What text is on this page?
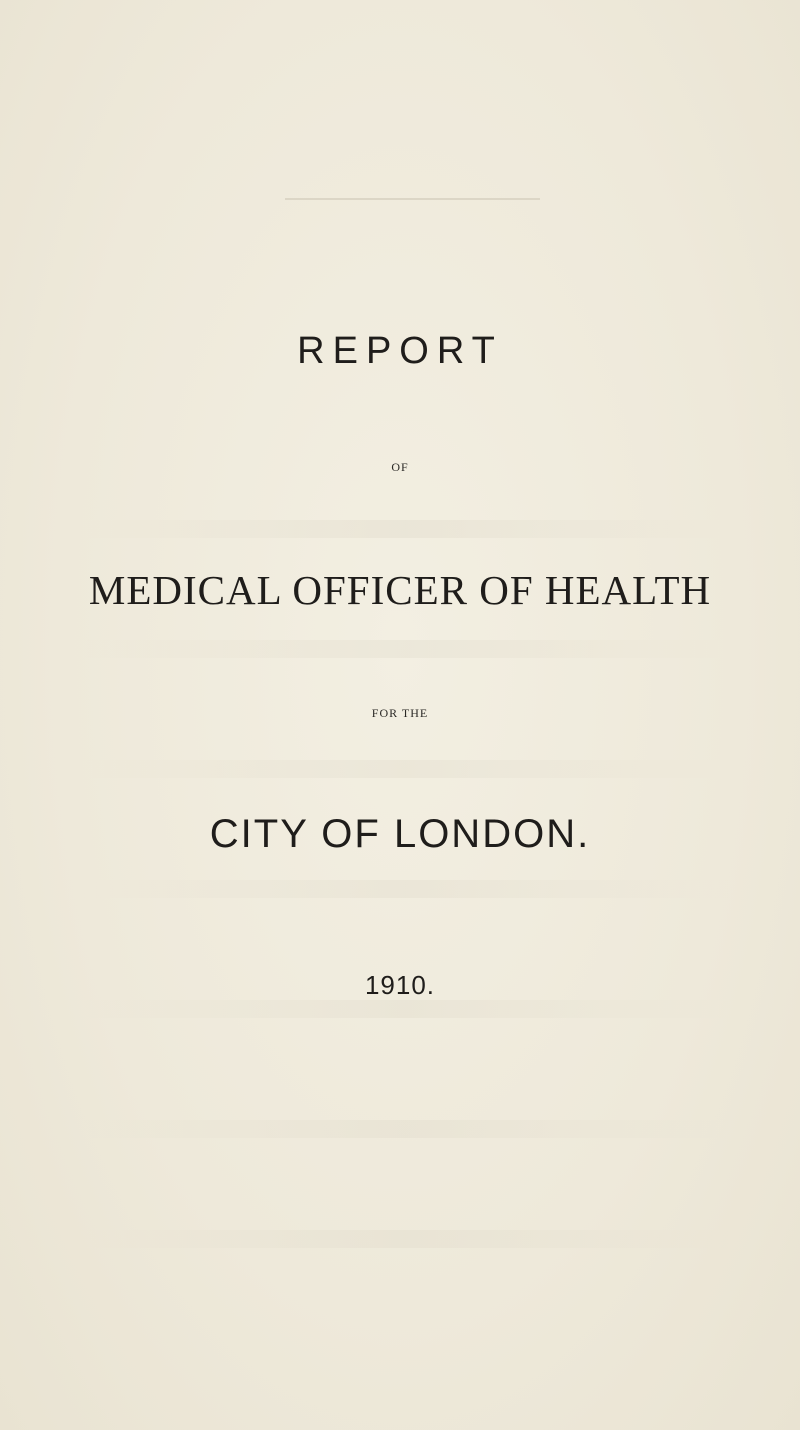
REPORT
OF
MEDICAL OFFICER OF HEALTH
FOR THE
CITY OF LONDON.
1910.
